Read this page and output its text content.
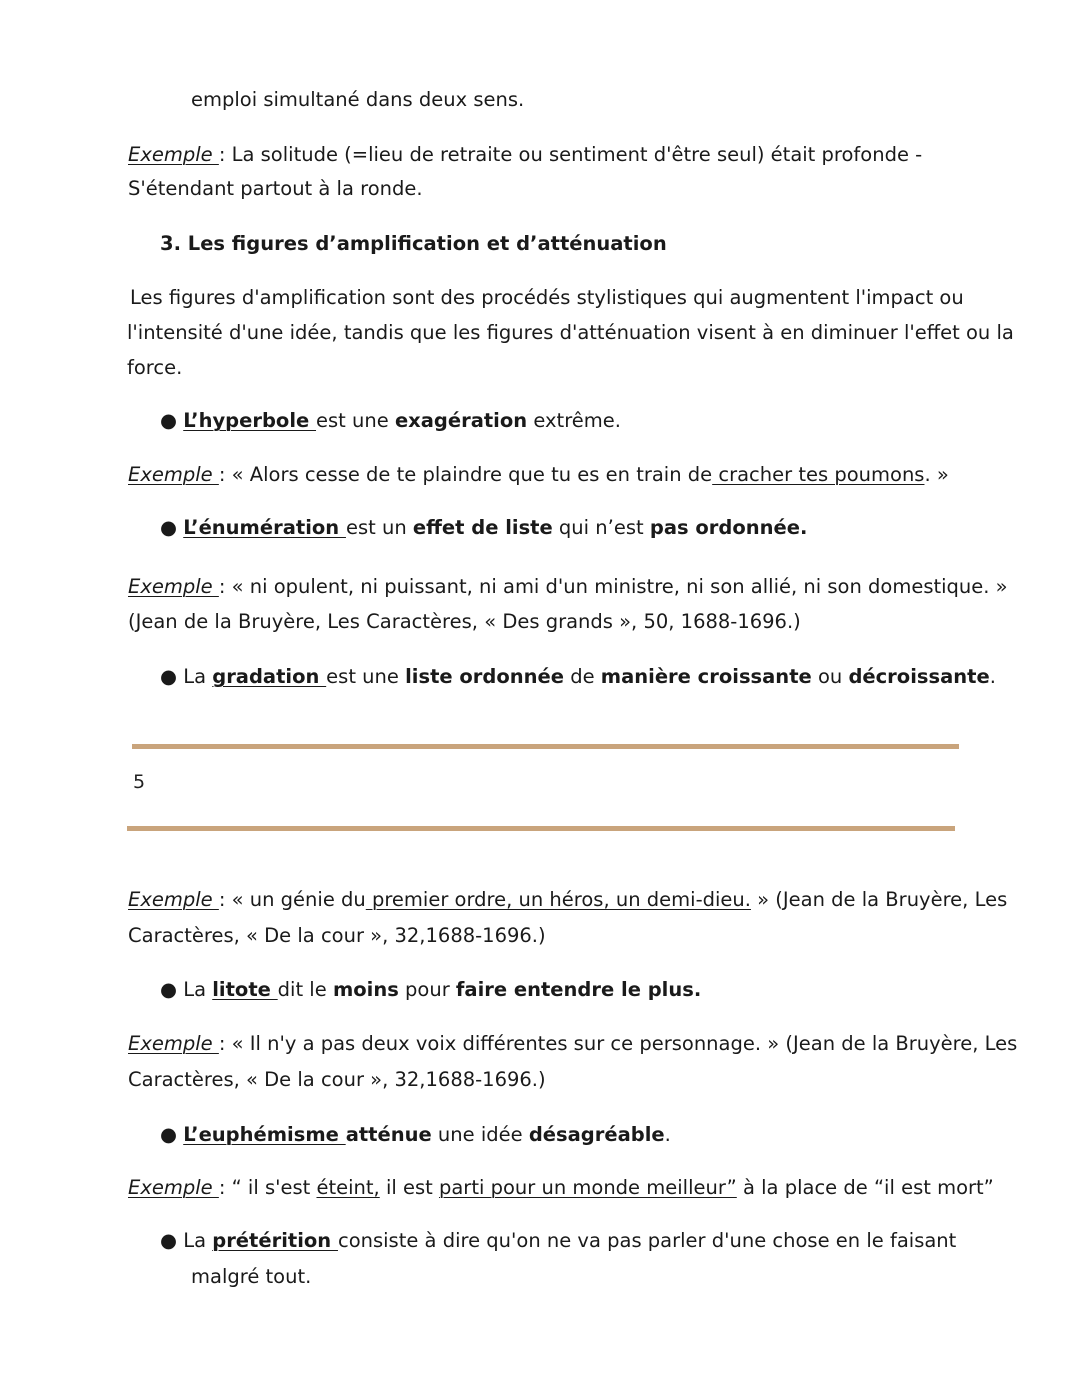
emploi simultané dans deux sens.
Exemple : La solitude (=lieu de retraite ou sentiment d'être seul) était profonde -
S'étendant partout à la ronde.
3. Les figures d’amplification et d’atténuation
Les figures d'amplification sont des procédés stylistiques qui augmentent l'impact ou
l'intensité d'une idée, tandis que les figures d'atténuation visent à en diminuer l'effet ou la
force.
● L’hyperbole est une exagération extrême.
Exemple : « Alors cesse de te plaindre que tu es en train de cracher tes poumons. »
● L’énumération est un effet de liste qui n’est pas ordonnée.
Exemple : « ni opulent, ni puissant, ni ami d'un ministre, ni son allié, ni son domestique. »
(Jean de la Bruyère, Les Caractères, « Des grands », 50, 1688-1696.)
● La gradation est une liste ordonnée de manière croissante ou décroissante.
5
Exemple : « un génie du premier ordre, un héros, un demi-dieu. » (Jean de la Bruyère, Les
Caractères, « De la cour », 32,1688-1696.)
● La litote dit le moins pour faire entendre le plus.
Exemple : « Il n'y a pas deux voix différentes sur ce personnage. » (Jean de la Bruyère, Les
Caractères, « De la cour », 32,1688-1696.)
● L’euphémisme atténue une idée désagréable.
Exemple : “ il s'est éteint, il est parti pour un monde meilleur” à la place de “il est mort”
● La prétérition consiste à dire qu'on ne va pas parler d'une chose en le faisant
malgré tout.
